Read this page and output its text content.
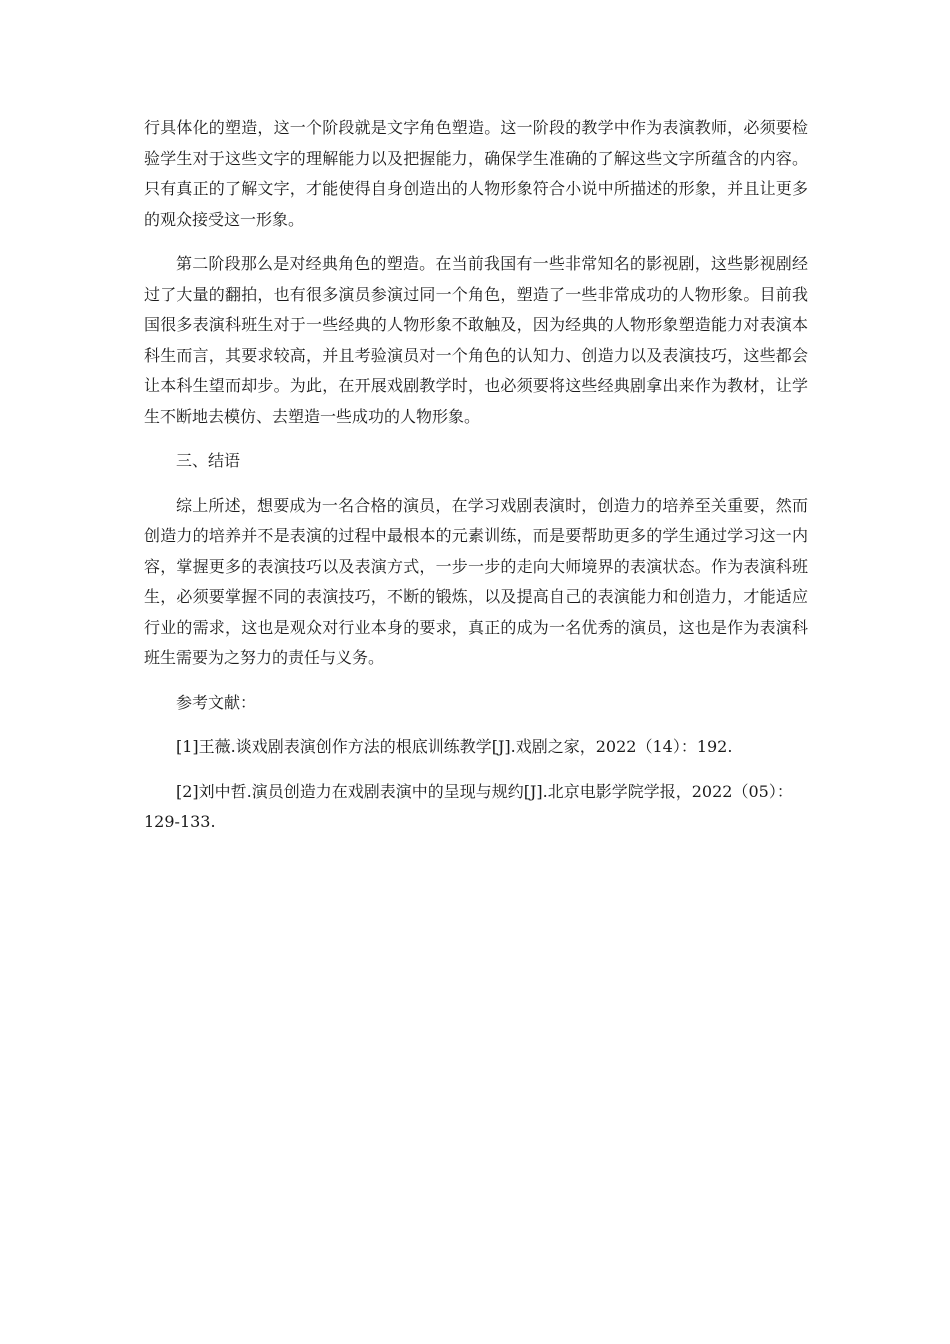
行具体化的塑造，这一个阶段就是文字角色塑造。这一阶段的教学中作为表演教师，必须要检验学生对于这些文字的理解能力以及把握能力，确保学生准确的了解这些文字所蕴含的内容。只有真正的了解文字，才能使得自身创造出的人物形象符合小说中所描述的形象，并且让更多的观众接受这一形象。

第二阶段那么是对经典角色的塑造。在当前我国有一些非常知名的影视剧，这些影视剧经过了大量的翻拍，也有很多演员参演过同一个角色，塑造了一些非常成功的人物形象。目前我国很多表演科班生对于一些经典的人物形象不敢触及，因为经典的人物形象塑造能力对表演本科生而言，其要求较高，并且考验演员对一个角色的认知力、创造力以及表演技巧，这些都会让本科生望而却步。为此，在开展戏剧教学时，也必须要将这些经典剧拿出来作为教材，让学生不断地去模仿、去塑造一些成功的人物形象。

三、结语

综上所述，想要成为一名合格的演员，在学习戏剧表演时，创造力的培养至关重要，然而创造力的培养并不是表演的过程中最根本的元素训练，而是要帮助更多的学生通过学习这一内容，掌握更多的表演技巧以及表演方式，一步一步的走向大师境界的表演状态。作为表演科班生，必须要掌握不同的表演技巧，不断的锻炼，以及提高自己的表演能力和创造力，才能适应行业的需求，这也是观众对行业本身的要求，真正的成为一名优秀的演员，这也是作为表演科班生需要为之努力的责任与义务。

参考文献：

[1]王薇.谈戏剧表演创作方法的根底训练教学[J].戏剧之家，2022（14）：192.

[2]刘中哲.演员创造力在戏剧表演中的呈现与规约[J].北京电影学院学报，2022（05）：129-133.
